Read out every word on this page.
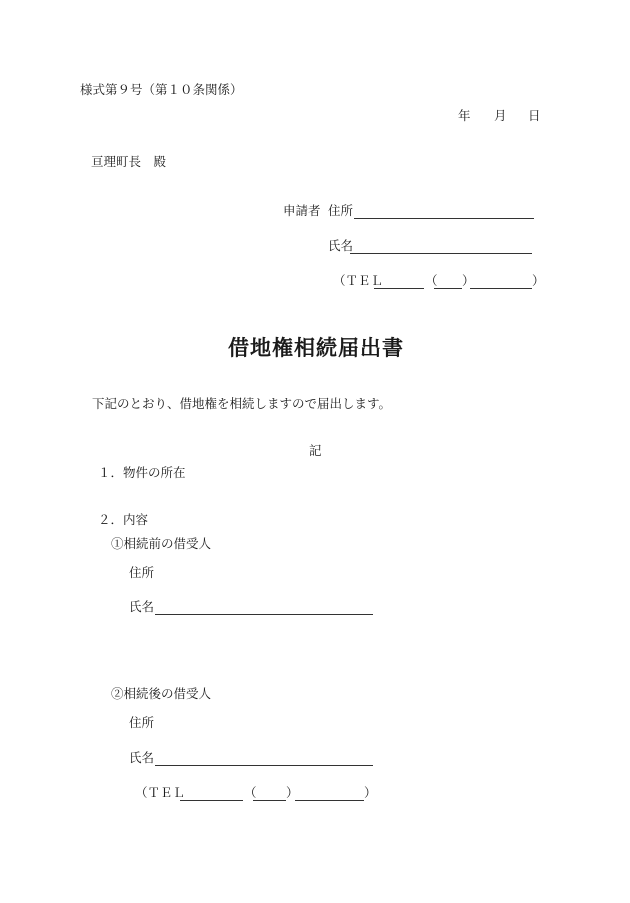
様式第９号（第１０条関係）
年 月 日
亘理町長　殿
申請者 住所
氏名
（ＴＥＬ	（ ）	）
借地権相続届出書
下記のとおり、借地権を相続しますので届出します。
記
１．物件の所在
２．内容
①相続前の借受人
住所
氏名
②相続後の借受人
住所
氏名
（ＴＥＬ	（ ）	）
